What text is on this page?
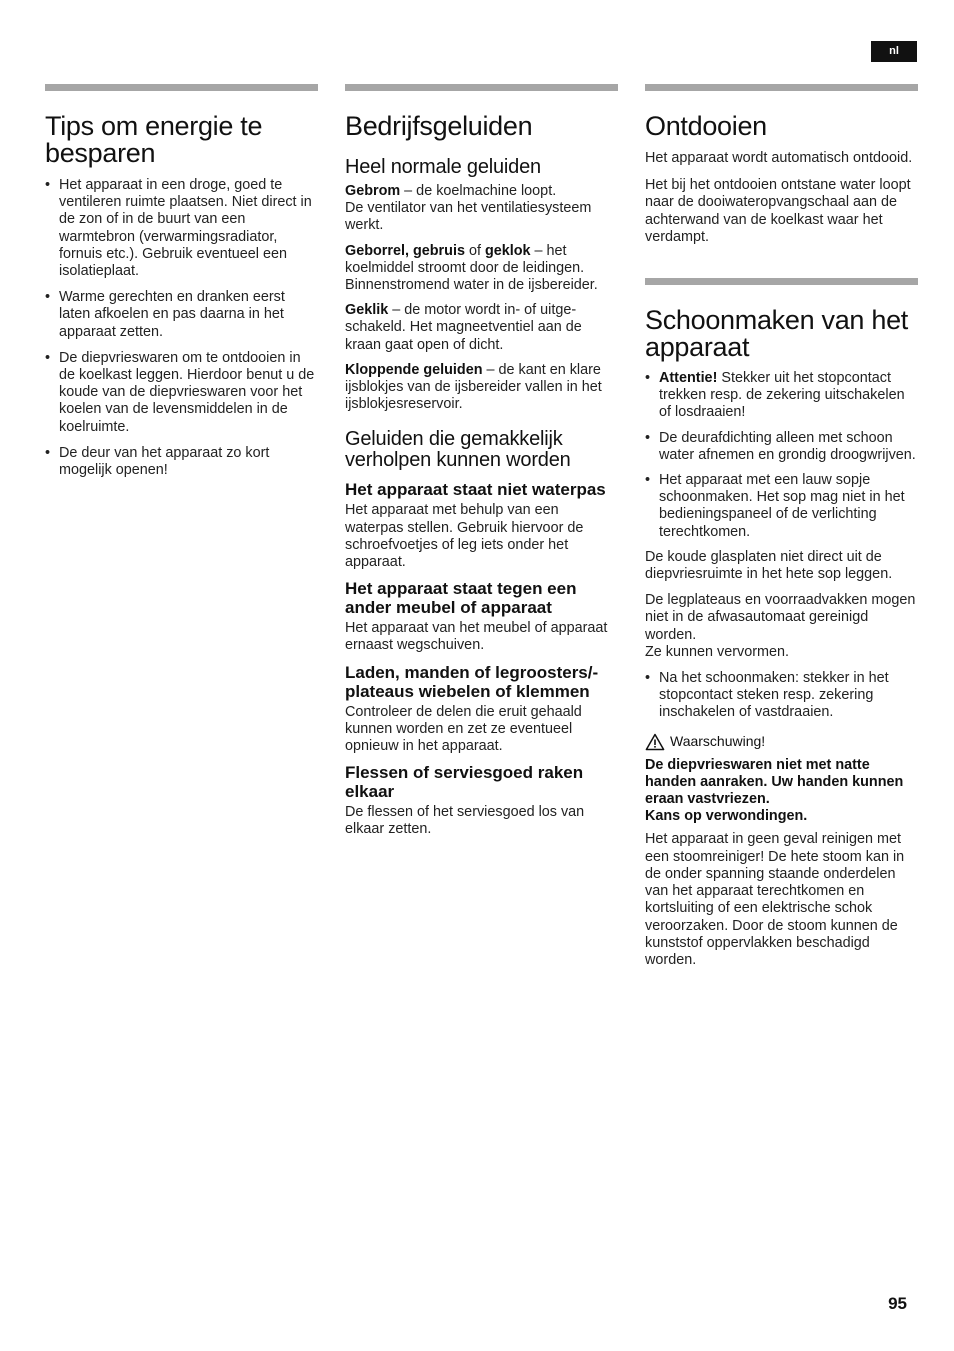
nl
Tips om energie te besparen
• Het apparaat in een droge, goed te ventileren ruimte plaatsen. Niet direct in de zon of in de buurt van een warmtebron (verwarmingsradiator, fornuis etc.). Gebruik eventueel een isolatieplaat.
• Warme gerechten en dranken eerst laten afkoelen en pas daarna in het apparaat zetten.
• De diepvrieswaren om te ontdooien in de koelkast leggen. Hierdoor benut u de koude van de diepvrieswaren voor het koelen van de levensmiddelen in de koelruimte.
• De deur van het apparaat zo kort mogelijk openen!
Bedrijfsgeluiden
Heel normale geluiden

Gebrom – de koelmachine loopt.
De ventilator van het ventilatiesysteem werkt.

Geborrel, gebruis of geklok – het koelmiddel stroomt door de leidingen. Binnenstromend water in de ijsbereider.

Geklik – de motor wordt in- of uitgeschakeld. Het magneetventiel aan de kraan gaat open of dicht.

Kloppende geluiden – de kant en klare ijsblokjes van de ijsbereider vallen in het ijsblokjesreservoir.

Geluiden die gemakkelijk verholpen kunnen worden
Het apparaat staat niet waterpas

Het apparaat met behulp van een waterpas stellen. Gebruik hiervoor de schroefvoetjes of leg iets onder het apparaat.

Het apparaat staat tegen een ander meubel of apparaat

Het apparaat van het meubel of apparaat ernaast wegschuiven.

Laden, manden of legroosters/-plateaus wiebelen of klemmen

Controleer de delen die eruit gehaald kunnen worden en zet ze eventueel opnieuw in het apparaat.

Flessen of serviesgoed raken elkaar

De flessen of het serviesgoed los van elkaar zetten.

Ontdooien

Het apparaat wordt automatisch ontdooid.

Het bij het ontdooien ontstane water loopt naar de dooiwateropvangschaal aan de achterwand van de koelkast waar het verdampt.

Schoonmaken van het apparaat
• Attentie! Stekker uit het stopcontact trekken resp. de zekering uitschakelen of losdraaien!
• De deurafdichting alleen met schoon water afnemen en grondig droogwrijven.
• Het apparaat met een lauw sopje schoonmaken. Het sop mag niet in het bedieningspaneel of de verlichting terechtkomen.

De koude glasplaten niet direct uit de diepvriesruimte in het hete sop leggen.

De legplateaus en voorraadvakken mogen niet in de afwasautomaat gereinigd worden.
Ze kunnen vervormen.

• Na het schoonmaken: stekker in het stopcontact steken resp. zekering inschakelen of vastdraaien.
Waarschuwing!

De diepvrieswaren niet met natte handen aanraken. Uw handen kunnen eraan vastvriezen.
Kans op verwondingen.

Het apparaat in geen geval reinigen met een stoomreiniger! De hete stoom kan in de onder spanning staande onderdelen van het apparaat terechtkomen en kortsluiting of een elektrische schok veroorzaken. Door de stoom kunnen de kunststof oppervlakken beschadigd worden.

95
